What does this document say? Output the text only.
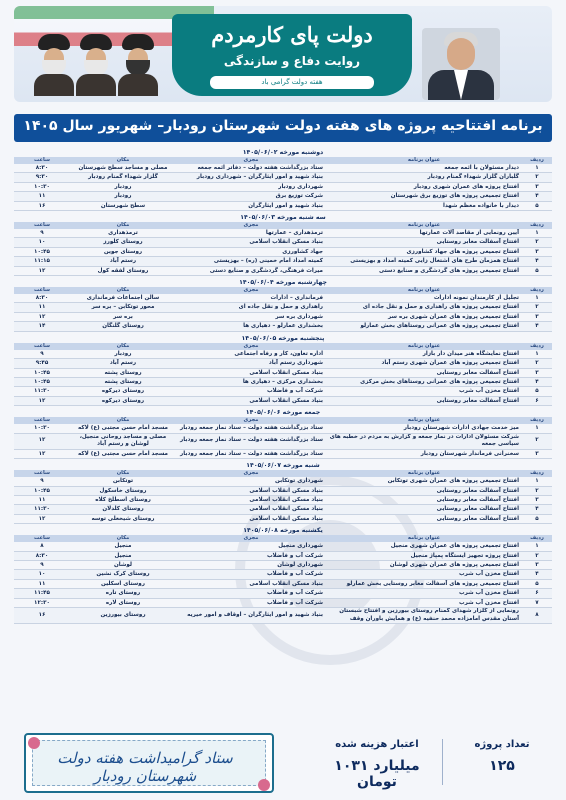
دولت پای کارمردم
روایت دفاع و سازندگی
هفته دولت گرامی باد
برنامه افتتاحیه پروژه های هفته دولت شهرستان رودبار– شهریور سال ۱۴۰۵
دوشنبه مورخه ۱۴۰۵/۰۶/۰۲
ردیف	عنوان برنامه	مجری	مکان	ساعت
۱	دیدار مسئولان با ائمه جمعه	ستاد بزرگداشت هفته دولت – دفاتر ائمه جمعه	مصلی و مساجد سطح شهرستان	۸:۳۰
۲	گلباران گلزار شهداء گمنام رودبار	بنیاد شهید و امور ایثارگران – شهرداری رودبار	گلزار شهداء گمنام رودبار	۹:۳۰
۳	افتتاح پروژه های عمران شهری رودبار	شهرداری رودبار	رودبار	۱۰:۳۰
۴	افتتاح تجمیعی پروژه های توزیع برق شهرستان	شرکت توزیع برق	رودبار	۱۱
۵	دیدار با خانواده معظم شهدا	بنیاد شهید و امور ایثارگران	سطح شهرستان	۱۶
سه شنبه مورخه ۱۴۰۵/۰۶/۰۳
ردیف	عنوان برنامه	مجری	مکان	ساعت
۱	آیین رونمایی از مقاصد آلات عمارتها	ترمذهداری – عمارتها	ترمذهداری	۹
۲	افتتاح آسفالت معابر روستایی	بنیاد مسکن انقلاب اسلامی	روستای کلورز	۱۰
۳	افتتاح تجمیعی پروژه های جهاد کشاورزی	جهاد کشاورزی	روستای جوین	۱۰:۴۵
۴	افتتاح همزمان طرح های اشتغال زایی کمیته امداد و بهزیستی	کمیته امداد امام خمینی (ره) – بهزیستی	رستم آباد	۱۱:۱۵
۵	افتتاح تجمیعی پروژه های گردشگری و صنایع دستی	میراث فرهنگی، گردشگری و صنایع دستی	روستای لفقه کول	۱۲
چهارشنبه مورخه ۱۴۰۵/۰۶/۰۴
ردیف	عنوان برنامه	مجری	مکان	ساعت
۱	تجلیل از کارمندان نمونه ادارات	فرمانداری – ادارات	سالن اجتماعات فرمانداری	۸:۳۰
۲	افتتاح تجمیعی پروژه های راهداری و حمل و نقل جاده ای	راهداری و حمل و نقل جاده ای	محور توتکابن – بره سر	۱۱
۳	افتتاح تجمیعی پروژه های عمران شهری بره سر	شهرداری بره سر	بره سر	۱۲
۴	افتتاح تجمیعی پروژه های عمرانی روستاهای بخش عمارلو	بخشداری عمارلو – دهیاری ها	روستای گلنگان	۱۴
پنجشنبه مورخه ۱۴۰۵/۰۶/۰۵
ردیف	عنوان برنامه	مجری	مکان	ساعت
۱	افتتاح نمایشگاه هنر میدان دار بازار	اداره تعاون، کار و رفاه اجتماعی	رودبار	۹
۲	افتتاح تجمیعی پروژه های عمران شهری رستم آباد	شهرداری رستم آباد	رستم آباد	۹:۴۵
۳	افتتاح آسفالت معابر روستایی	بنیاد مسکن انقلاب اسلامی	روستای پشته	۱۰:۴۵
۴	افتتاح تجمیعی پروژه های عمرانی روستاهای بخش مرکزی	بخشداری مرکزی – دهیاری ها	روستای پشته	۱۰:۴۵
۵	افتتاح مخزن آب شرب	شرکت آب و فاضلاب	روستای دیرکوه	۱۱:۳۰
۶	افتتاح آسفالت معابر روستایی	بنیاد مسکن انقلاب اسلامی	روستای دیرکوه	۱۲
جمعه مورخه ۱۴۰۵/۰۶/۰۶
ردیف	عنوان برنامه	مجری	مکان	ساعت
۱	میز خدمت جهادی ادارات شهرستان رودبار	ستاد بزرگداشت هفته دولت – ستاد نماز جمعه رودبار	مسجد امام حسن مجتبی (ع) لاکه	۱۰:۳۰
۲	شرکت مسئولان ادارات در نماز جمعه و گزارش به مردم در خطبه های سیاسی جمعه	ستاد بزرگداشت هفته دولت – ستاد نماز جمعه رودبار	مصلی و مساجد روحانی منجیل، لوشان و رستم آباد	۱۲
۳	سخنرانی فرماندار شهرستان رودبار	ستاد بزرگداشت هفته دولت – ستاد نماز جمعه رودبار	مسجد امام حسن مجتبی (ع) لاکه	۱۲
شنبه مورخه ۱۴۰۵/۰۶/۰۷
ردیف	عنوان برنامه	مجری	مکان	ساعت
۱	افتتاح تجمیعی پروژه های عمران شهری توتکابن	شهرداری توتکابن	توتکابن	۹
۲	افتتاح آسفالت معابر روستایی	بنیاد مسکن انقلاب اسلامی	روستای خاسکول	۱۰:۴۵
۳	افتتاح آسفالت معابر روستایی	بنیاد مسکن انقلاب اسلامی	روستای اسطلخ کلاه	۱۱
۴	افتتاح آسفالت معابر روستایی	بنیاد مسکن انقلاب اسلامی	روستای کلدلان	۱۱:۳۰
۵	افتتاح آسفالت معابر روستایی	بنیاد مسکن انقلاب اسلامی	روستای شیخعلی توسه	۱۲
یکشنبه مورخه ۱۴۰۵/۰۶/۰۸
ردیف	عنوان برنامه	مجری	مکان	ساعت
۱	افتتاح تجمیعی پروژه های عمران شهری منجیل	شهرداری منجیل	منجیل	۸
۲	افتتاح پروژه تجهیز ایستگاه پمپاژ منجیل	شرکت آب و فاضلاب	منجیل	۸:۳۰
۳	افتتاح تجمیعی پروژه های عمران شهری لوشان	شهرداری لوشان	لوشان	۹
۴	افتتاح مخزن آب شرب	شرکت آب و فاضلاب	روستای کرک نشین	۱۰
۵	افتتاح تجمیعی پروژه های آسفالت معابر روستایی بخش عمارلو	بنیاد مسکن انقلاب اسلامی	روستای اسکلین	۱۱
۶	افتتاح مخزن آب شرب	شرکت آب و فاضلاب	روستای تاره	۱۱:۴۵
۷	افتتاح مخزن آب شرب	شرکت آب و فاضلاب	روستای لاره	۱۲:۳۰
۸	رونمایی از گلزار شهدای گمنام روستای بیورزین و افتتاح شبستان آستان مقدس امامزاده محمد حنفیه (ع) و همایش باوران وقف	بنیاد شهید و امور ایثارگران – اوقاف و امور خیریه	روستای بیورزین	۱۶
ستاد گرامیداشت هفته دولت شهرستان رودبار
تعداد پروژه
۱۲۵
اعتبار هزینه شده
۱۰۳۱ میلیارد تومان
